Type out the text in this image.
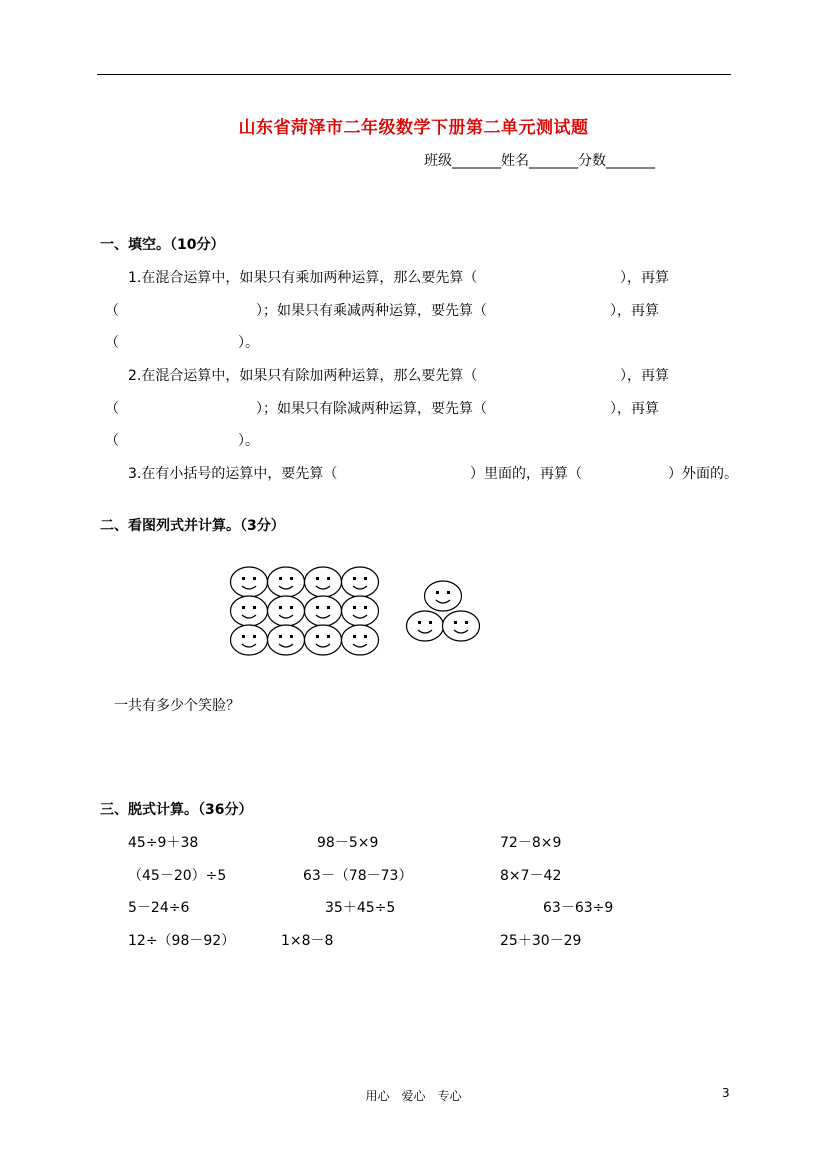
山东省菏泽市二年级数学下册第二单元测试题
班级_______姓名_______分数_______
一、填空。（10分）
1.在混合运算中，如果只有乘加两种运算，那么要先算（	），再算
（	）；如果只有乘减两种运算，要先算（	），再算
（	）。
2.在混合运算中，如果只有除加两种运算，那么要先算（	），再算
（	）；如果只有除减两种运算，要先算（	），再算
（	）。
3.在有小括号的运算中，要先算（	）里面的，再算（	）外面的。
二、看图列式并计算。（3分）
一共有多少个笑脸？
三、脱式计算。（36分）
45÷9＋38	98－5×9	72－8×9
（45－20）÷5	63－（78－73）	8×7－42
5－24÷6	35＋45÷5	63－63÷9
12÷（98－92）	1×8－8	25＋30－29
用心　爱心　专心	3
